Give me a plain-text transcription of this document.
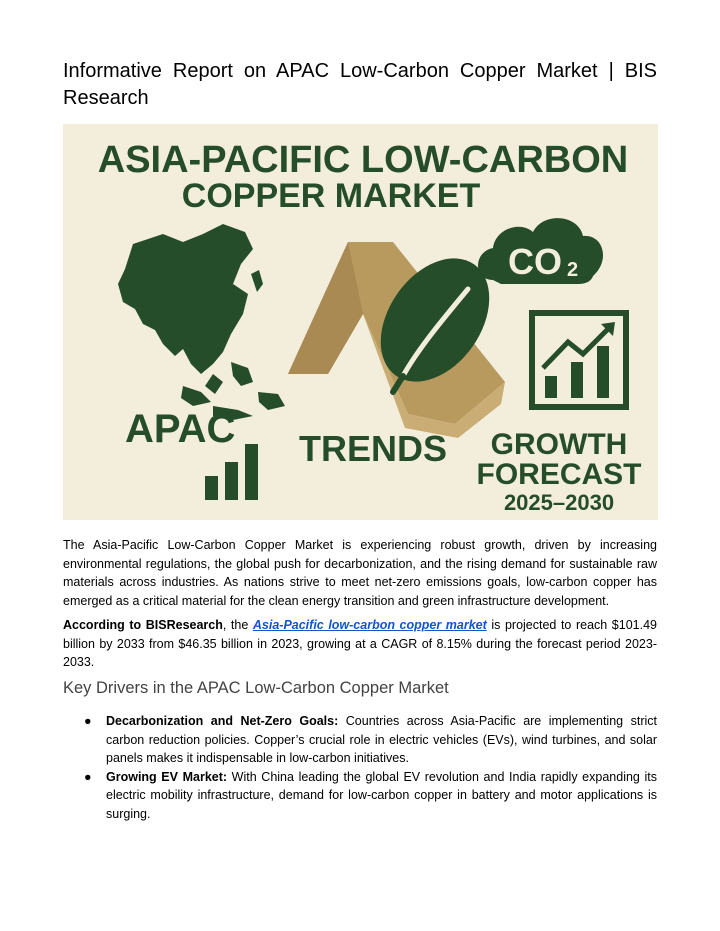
Informative Report on APAC Low-Carbon Copper Market | BIS Research
ASIA-PACIFIC LOW-CARBON
COPPER MARKET
APAC
CO 2
TRENDS GROWTH
FORECAST
2025–2030

The Asia-Pacific Low-Carbon Copper Market is experiencing robust growth, driven by increasing environmental regulations, the global push for decarbonization, and the rising demand for sustainable raw materials across industries. As nations strive to meet net-zero emissions goals, low-carbon copper has emerged as a critical material for the clean energy transition and green infrastructure development.

According to BISResearch, the Asia-Pacific low-carbon copper market is projected to reach $101.49 billion by 2033 from $46.35 billion in 2023, growing at a CAGR of 8.15% during the forecast period 2023-2033.

Key Drivers in the APAC Low-Carbon Copper Market
● Decarbonization and Net-Zero Goals: Countries across Asia-Pacific are implementing strict carbon reduction policies. Copper’s crucial role in electric vehicles (EVs), wind turbines, and solar panels makes it indispensable in low-carbon initiatives.
● Growing EV Market: With China leading the global EV revolution and India rapidly expanding its electric mobility infrastructure, demand for low-carbon copper in battery and motor applications is surging.
